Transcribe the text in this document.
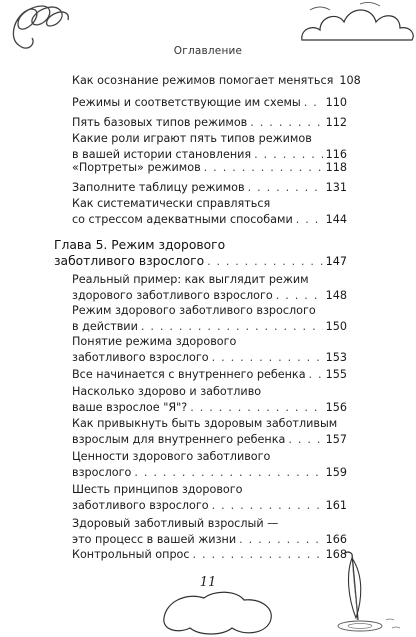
Оглавление
Как осознание режимов помогает меняться 108
Режимы и соответствующие им схемы . . . 110
Пять базовых типов режимов . . .	112
Какие роли играют пять типов режимов
в вашей истории становления . . .	116
«Портреты» режимов . . .	118
Заполните таблицу режимов . . .	131
Как систематически справляться
со стрессом адекватными способами . . .	144
Глава 5. Режим здорового
заботливого взрослого . . .	147
Реальный пример: как выглядит режим
здорового заботливого взрослого . . .	148
Режим здорового заботливого взрослого
в действии . . .	150
Понятие режима здорового
заботливого взрослого . . .	153
Все начинается с внутреннего ребенка . . . 155
Насколько здорово и заботливо
ваше взрослое "Я"? . . .	156
Как привыкнуть быть здоровым заботливым
взрослым для внутреннего ребенка . . .	157
Ценности здорового заботливого
взрослого . . .	159
Шесть принципов здорового
заботливого взрослого . . .	161
Здоровый заботливый взрослый —
это процесс в вашей жизни . . .	166
Контрольный опрос . . .	168
11
